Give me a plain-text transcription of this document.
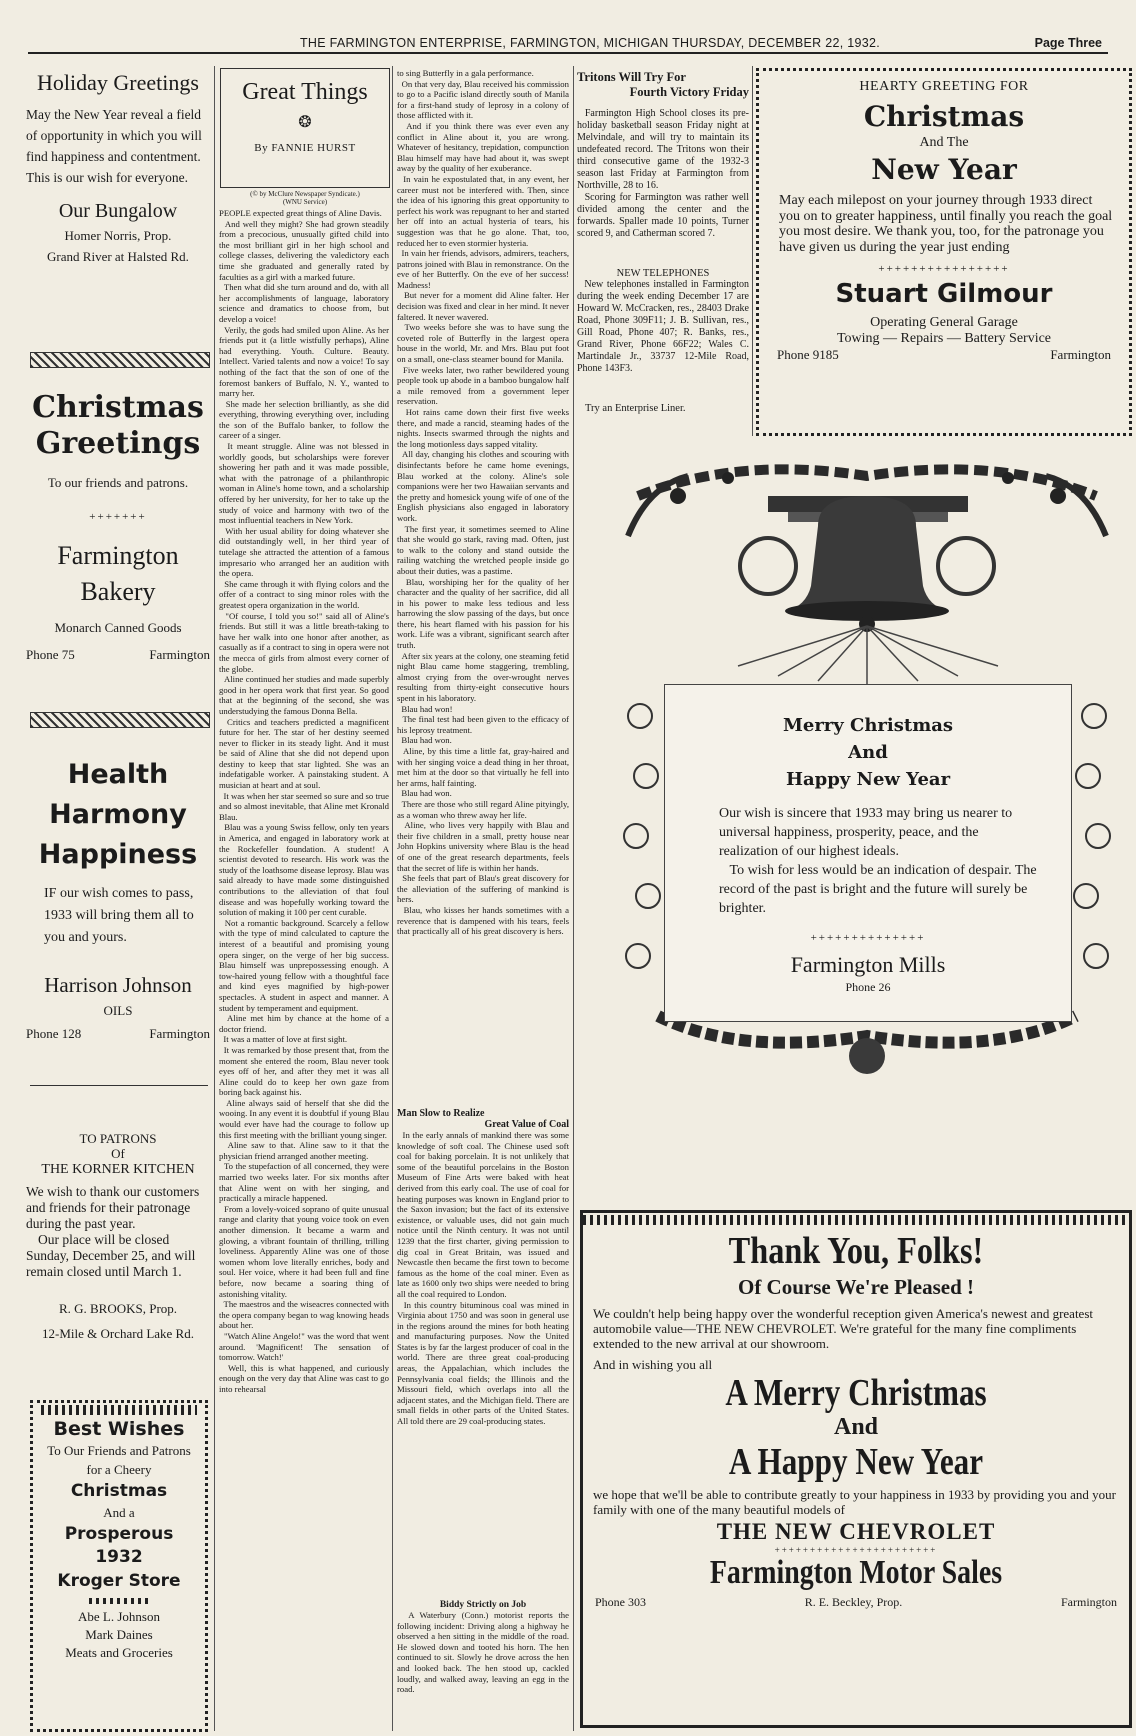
THE FARMINGTON ENTERPRISE, FARMINGTON, MICHIGAN THURSDAY, DECEMBER 22, 1932.	Page Three
Holiday Greetings
May the New Year reveal a field of opportunity in which you will find happiness and contentment. This is our wish for everyone.
Our Bungalow
Homer Norris, Prop.
Grand River at Halsted Rd.
Christmas
Greetings
To our friends and patrons.
+++++++
Farmington
Bakery
Monarch Canned Goods
Phone 75	Farmington
Health
Harmony
Happiness
IF our wish comes to pass, 1933 will bring them all to you and yours.
Harrison Johnson
OILS
Phone 128	Farmington
TO PATRONS
Of
THE KORNER KITCHEN
We wish to thank our customers and friends for their patronage during the past year.
Our place will be closed Sunday, December 25, and will remain closed until March 1.
R. G. BROOKS, Prop.
12-Mile & Orchard Lake Rd.
Best Wishes
To Our Friends and Patrons
for a Cheery
Christmas
And a
Prosperous
1932
Kroger Store
Abe L. Johnson
Mark Daines
Meats and Groceries
Great Things
❂
By FANNIE HURST
(© by McClure Newspaper Syndicate.)
(WNU Service)
PEOPLE expected great things of Aline Davis.
And well they might? She had grown steadily from a precocious, unusually gifted child into the most brilliant girl in her high school and college classes, delivering the valedictory each time she graduated and generally rated by faculties as a girl with a marked future.
Then what did she turn around and do, with all her accomplishments of language, laboratory science and dramatics to choose from, but develop a voice!
Verily, the gods had smiled upon Aline. As her friends put it (a little wistfully perhaps), Aline had everything. Youth. Culture. Beauty. Intellect. Varied talents and now a voice! To say nothing of the fact that the son of one of the foremost bankers of Buffalo, N. Y., wanted to marry her.
She made her selection brilliantly, as she did everything, throwing everything over, including the son of the Buffalo banker, to follow the career of a singer.
It meant struggle. Aline was not blessed in worldly goods, but scholarships were forever showering her path and it was made possible, what with the patronage of a philanthropic woman in Aline's home town, and a scholarship offered by her university, for her to take up the study of voice and harmony with two of the most influential teachers in New York.
With her usual ability for doing whatever she did outstandingly well, in her third year of tutelage she attracted the attention of a famous impresario who arranged her an audition with the opera.
She came through it with flying colors and the offer of a contract to sing minor roles with the greatest opera organization in the world.
"Of course, I told you so!" said all of Aline's friends. But still it was a little breath-taking to have her walk into one honor after another, as casually as if a contract to sing in opera were not the mecca of girls from almost every corner of the globe.
Aline continued her studies and made superbly good in her opera work that first year. So good that at the beginning of the second, she was understudying the famous Donna Bella.
Critics and teachers predicted a magnificent future for her. The star of her destiny seemed never to flicker in its steady light. And it must be said of Aline that she did not depend upon destiny to keep that star lighted. She was an indefatigable worker. A painstaking student. A musician at heart and at soul.
It was when her star seemed so sure and so true and so almost inevitable, that Aline met Kronald Blau.
Blau was a young Swiss fellow, only ten years in America, and engaged in laboratory work at the Rockefeller foundation. A student! A scientist devoted to research. His work was the study of the loathsome disease leprosy. Blau was said already to have made some distinguished contributions to the alleviation of that foul disease and was hopefully working toward the solution of making it 100 per cent curable.
Not a romantic background. Scarcely a fellow with the type of mind calculated to capture the interest of a beautiful and promising young opera singer, on the verge of her big success. Blau himself was unprepossessing enough. A tow-haired young fellow with a thoughtful face and kind eyes magnified by high-power spectacles. A student in aspect and manner. A student by temperament and equipment.
Aline met him by chance at the home of a doctor friend.
It was a matter of love at first sight.
It was remarked by those present that, from the moment she entered the room, Blau never took eyes off of her, and after they met it was all Aline could do to keep her own gaze from boring back against his.
Aline always said of herself that she did the wooing. In any event it is doubtful if young Blau would ever have had the courage to follow up this first meeting with the brilliant young singer.
Aline saw to that. Aline saw to it that the physician friend arranged another meeting.
To the stupefaction of all concerned, they were married two weeks later. For six months after that Aline went on with her singing, and practically a miracle happened.
From a lovely-voiced soprano of quite unusual range and clarity that young voice took on even another dimension. It became a warm and glowing, a vibrant fountain of thrilling, trilling loveliness. Apparently Aline was one of those women whom love literally enriches, body and soul. Her voice, where it had been full and fine before, now became a soaring thing of astonishing vitality.
The maestros and the wiseacres connected with the opera company began to wag knowing heads about her.
"Watch Aline Angelo!" was the word that went around. 'Magnificent! The sensation of tomorrow. Watch!'
Well, this is what happened, and curiously enough on the very day that Aline was cast to go into rehearsal
to sing Butterfly in a gala performance.
On that very day, Blau received his commission to go to a Pacific island directly south of Manila for a first-hand study of leprosy in a colony of those afflicted with it.
And if you think there was ever even any conflict in Aline about it, you are wrong. Whatever of hesitancy, trepidation, compunction Blau himself may have had about it, was swept away by the quality of her exuberance.
In vain he expostulated that, in any event, her career must not be interfered with. Then, since the idea of his ignoring this great opportunity to perfect his work was repugnant to her and started her off into an actual hysteria of tears, his suggestion was that he go alone. That, too, reduced her to even stormier hysteria.
In vain her friends, advisors, admirers, teachers, patrons joined with Blau in remonstrance. On the eve of her Butterfly. On the eve of her success! Madness!
But never for a moment did Aline falter. Her decision was fixed and clear in her mind. It never faltered. It never wavered.
Two weeks before she was to have sung the coveted role of Butterfly in the largest opera house in the world, Mr. and Mrs. Blau put foot on a small, one-class steamer bound for Manila.
Five weeks later, two rather bewildered young people took up abode in a bamboo bungalow half a mile removed from a government leper reservation.
Hot rains came down their first five weeks there, and made a rancid, steaming hades of the nights. Insects swarmed through the nights and the long motionless days sapped vitality.
All day, changing his clothes and scouring with disinfectants before he came home evenings, Blau worked at the colony. Aline's sole companions were her two Hawaiian servants and the pretty and homesick young wife of one of the English physicians also engaged in laboratory work.
The first year, it sometimes seemed to Aline that she would go stark, raving mad. Often, just to walk to the colony and stand outside the railing watching the wretched people inside go about their duties, was a pastime.
Blau, worshiping her for the quality of her character and the quality of her sacrifice, did all in his power to make less tedious and less harrowing the slow passing of the days, but once there, his heart flamed with his passion for his work. Life was a vibrant, significant search after truth.
After six years at the colony, one steaming fetid night Blau came home staggering, trembling, almost crying from the over-wrought nerves resulting from thirty-eight consecutive hours spent in his laboratory.
Blau had won!
The final test had been given to the efficacy of his leprosy treatment.
Blau had won.
Aline, by this time a little fat, gray-haired and with her singing voice a dead thing in her throat, met him at the door so that virtually he fell into her arms, half fainting.
Blau had won.
There are those who still regard Aline pityingly, as a woman who threw away her life.
Aline, who lives very happily with Blau and their five children in a small, pretty house near John Hopkins university where Blau is the head of one of the great research departments, feels that the secret of life is within her hands.
She feels that part of Blau's great discovery for the alleviation of the suffering of mankind is hers.
Blau, who kisses her hands sometimes with a reverence that is dampened with his tears, feels that practically all of his great discovery is hers.
Man Slow to Realize
Great Value of Coal
In the early annals of mankind there was some knowledge of soft coal. The Chinese used soft coal for baking porcelain. It is not unlikely that some of the beautiful porcelains in the Boston Museum of Fine Arts were baked with heat derived from this early coal. The use of coal for heating purposes was known in England prior to the Saxon invasion; but the fact of its extensive existence, or valuable uses, did not gain much notice until the Ninth century. It was not until 1239 that the first charter, giving permission to dig coal in Great Britain, was issued and Newcastle then became the first town to become famous as the home of the coal miner. Even as late as 1600 only two ships were needed to bring all the coal required to London.
In this country bituminous coal was mined in Virginia about 1750 and was soon in general use in the regions around the mines for both heating and manufacturing purposes. Now the United States is by far the largest producer of coal in the world. There are three great coal-producing areas, the Appalachian, which includes the Pennsylvania coal fields; the Illinois and the Missouri field, which overlaps into all the adjacent states, and the Michigan field. There are small fields in other parts of the United States. All told there are 29 coal-producing states.
Biddy Strictly on Job
A Waterbury (Conn.) motorist reports the following incident: Driving along a highway he observed a hen sitting in the middle of the road. He slowed down and tooted his horn. The hen continued to sit. Slowly he drove across the hen and looked back. The hen stood up, cackled loudly, and walked away, leaving an egg in the road.
Tritons Will Try For
Fourth Victory Friday
Farmington High School closes its pre-holiday basketball season Friday night at Melvindale, and will try to maintain its undefeated record. The Tritons won their third consecutive game of the 1932-3 season last Friday at Farmington from Northville, 28 to 16.
Scoring for Farmington was rather well divided among the center and the forwards. Spaller made 10 points, Turner scored 9, and Catherman scored 7.
NEW TELEPHONES
New telephones installed in Farmington during the week ending December 17 are Howard W. McCracken, res., 28403 Drake Road, Phone 309F11; J. B. Sullivan, res., Gill Road, Phone 407; R. Banks, res., Grand River, Phone 66F22; Wales C. Martindale Jr., 33737 12-Mile Road, Phone 143F3.
Try an Enterprise Liner.
HEARTY GREETING FOR
Christmas
And The
New Year
May each milepost on your journey through 1933 direct you on to greater happiness, until finally you reach the goal you most desire. We thank you, too, for the patronage you have given us during the year just ending
++++++++++++++++
Stuart Gilmour
Operating General Garage
Towing — Repairs — Battery Service
Phone 9185	Farmington
Merry Christmas
And
Happy New Year
Our wish is sincere that 1933 may bring us nearer to universal happiness, prosperity, peace, and the realization of our highest ideals.
To wish for less would be an indication of despair. The record of the past is bright and the future will surely be brighter.
++++++++++++++
Farmington Mills
Phone 26
Thank You, Folks!
Of Course We're Pleased !
We couldn't help being happy over the wonderful reception given America's newest and greatest automobile value—THE NEW CHEVROLET. We're grateful for the many fine compliments extended to the new arrival at our showroom.
And in wishing you all
A Merry Christmas
And
A Happy New Year
we hope that we'll be able to contribute greatly to your happiness in 1933 by providing you and your family with one of the many beautiful models of
THE NEW CHEVROLET
+++++++++++++++++++++++
Farmington Motor Sales
Phone 303	R. E. Beckley, Prop.	Farmington
